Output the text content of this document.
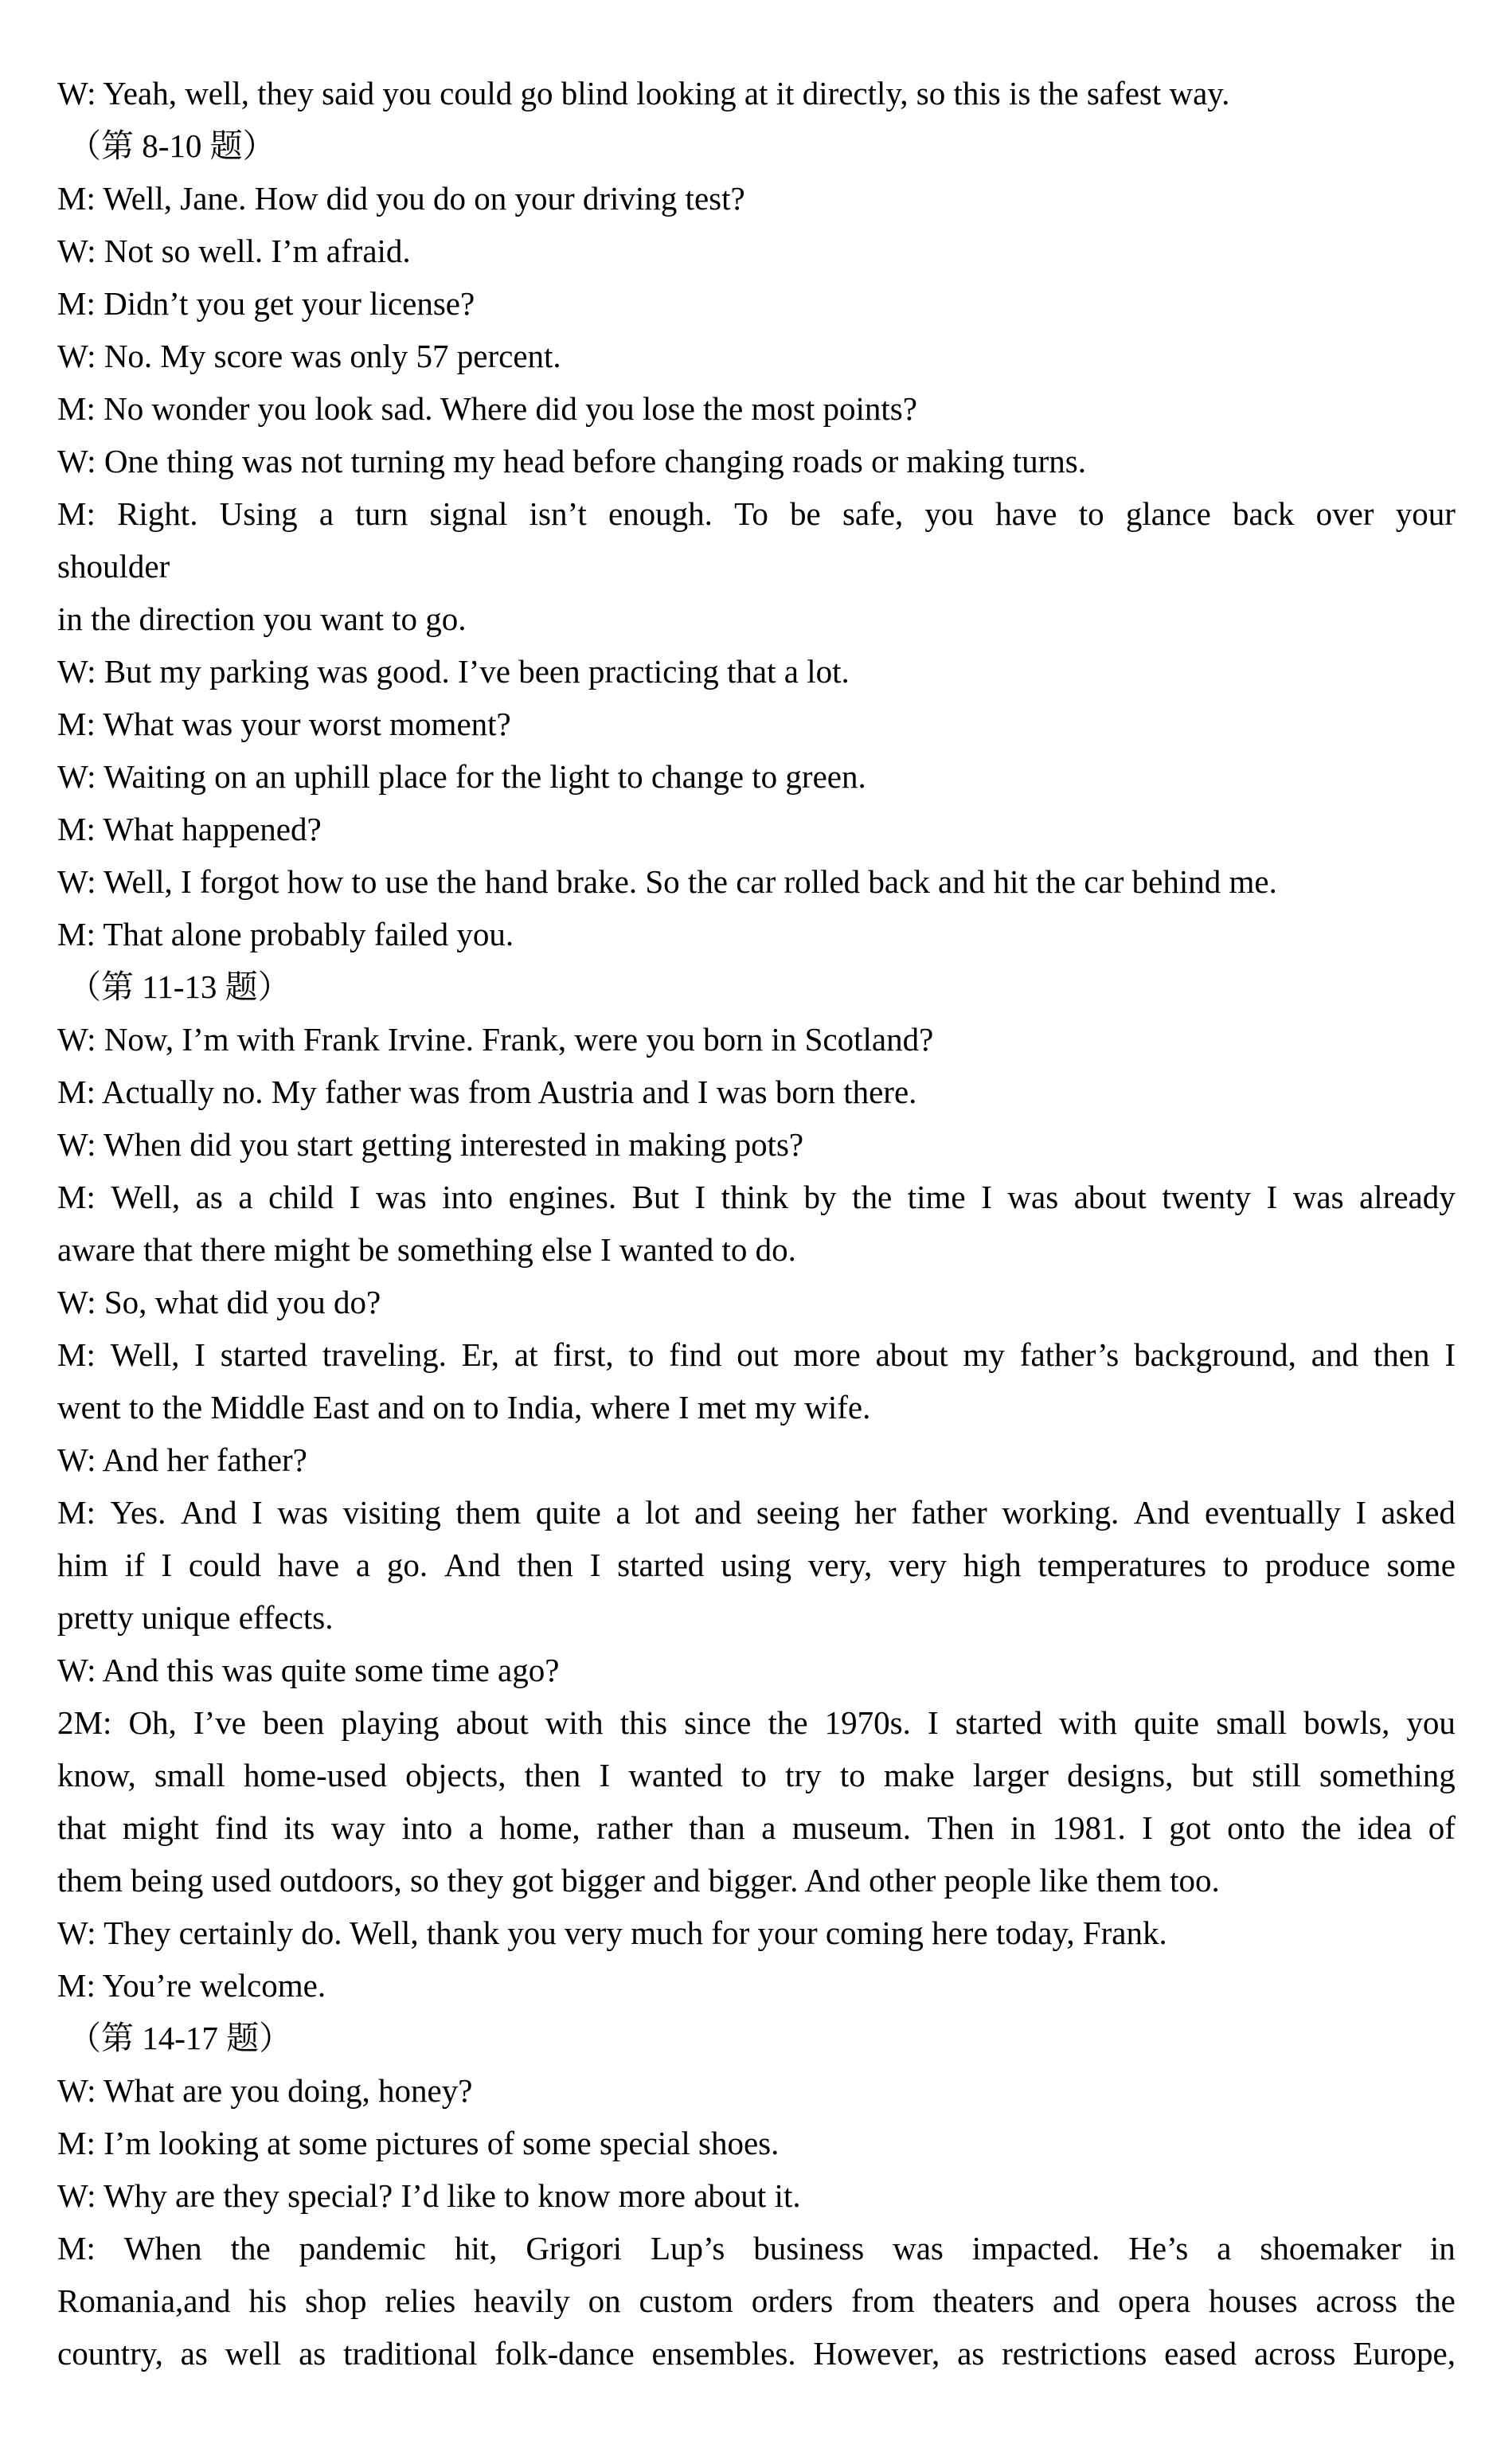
W: Yeah, well, they said you could go blind looking at it directly, so this is the safest way.
（第 8-10 题）
M: Well, Jane. How did you do on your driving test?
W: Not so well. I’m afraid.
M: Didn’t you get your license?
W: No. My score was only 57 percent.
M: No wonder you look sad. Where did you lose the most points?
W: One thing was not turning my head before changing roads or making turns.
M: Right. Using a turn signal isn’t enough. To be safe, you have to glance back over your
shoulder
in the direction you want to go.
W: But my parking was good. I’ve been practicing that a lot.
M: What was your worst moment?
W: Waiting on an uphill place for the light to change to green.
M: What happened?
W: Well, I forgot how to use the hand brake. So the car rolled back and hit the car behind me.
M: That alone probably failed you.
（第 11-13 题）
W: Now, I’m with Frank Irvine. Frank, were you born in Scotland?
M: Actually no. My father was from Austria and I was born there.
W: When did you start getting interested in making pots?
M: Well, as a child I was into engines. But I think by the time I was about twenty I was already
aware that there might be something else I wanted to do.
W: So, what did you do?
M: Well, I started traveling. Er, at first, to find out more about my father’s background, and then I
went to the Middle East and on to India, where I met my wife.
W: And her father?
M: Yes. And I was visiting them quite a lot and seeing her father working. And eventually I asked
him if I could have a go. And then I started using very, very high temperatures to produce some
pretty unique effects.
W: And this was quite some time ago?
2M: Oh, I’ve been playing about with this since the 1970s. I started with quite small bowls, you
know, small home-used objects, then I wanted to try to make larger designs, but still something
that might find its way into a home, rather than a museum. Then in 1981. I got onto the idea of
them being used outdoors, so they got bigger and bigger. And other people like them too.
W: They certainly do. Well, thank you very much for your coming here today, Frank.
M: You’re welcome.
（第 14-17 题）
W: What are you doing, honey?
M: I’m looking at some pictures of some special shoes.
W: Why are they special? I’d like to know more about it.
M: When the pandemic hit, Grigori Lup’s business was impacted. He’s a shoemaker in
Romania,and his shop relies heavily on custom orders from theaters and opera houses across the
country, as well as traditional folk-dance ensembles. However, as restrictions eased across Europe,
